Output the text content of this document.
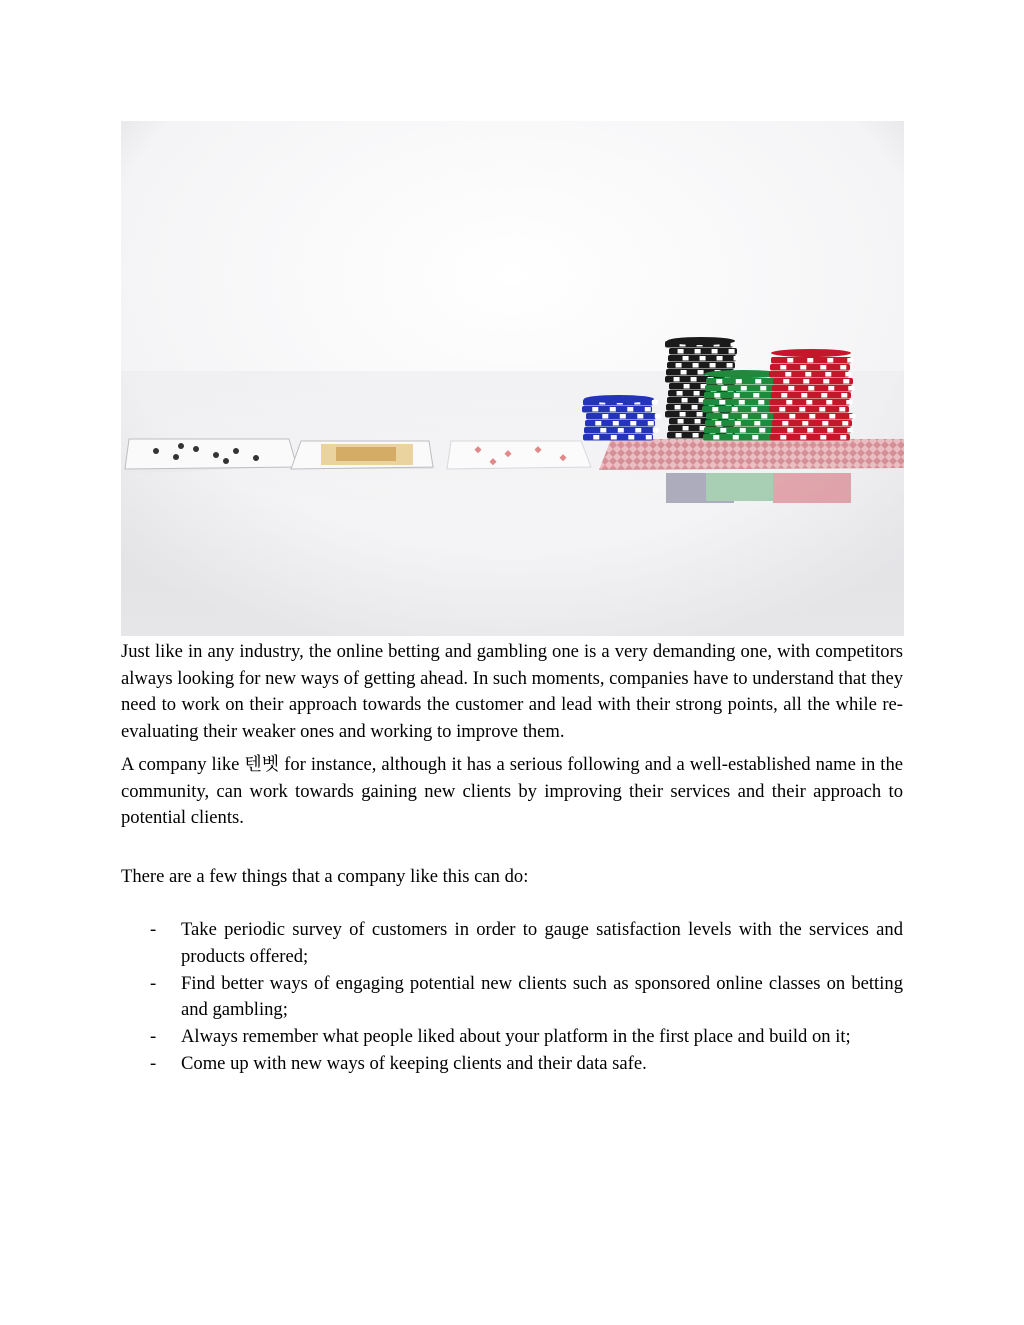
Just like in any industry, the online betting and gambling one is a very demanding one, with competitors always looking for new ways of getting ahead. In such moments, companies have to understand that they need to work on their approach towards the customer and lead with their strong points, all the while re-evaluating their weaker ones and working to improve them.
A company like 텐벳 for instance, although it has a serious following and a well-established name in the community, can work towards gaining new clients by improving their services and their approach to potential clients.
There are a few things that a company like this can do:
- Take periodic survey of customers in order to gauge satisfaction levels with the services and products offered;
- Find better ways of engaging potential new clients such as sponsored online classes on betting and gambling;
- Always remember what people liked about your platform in the first place and build on it;
- Come up with new ways of keeping clients and their data safe.
